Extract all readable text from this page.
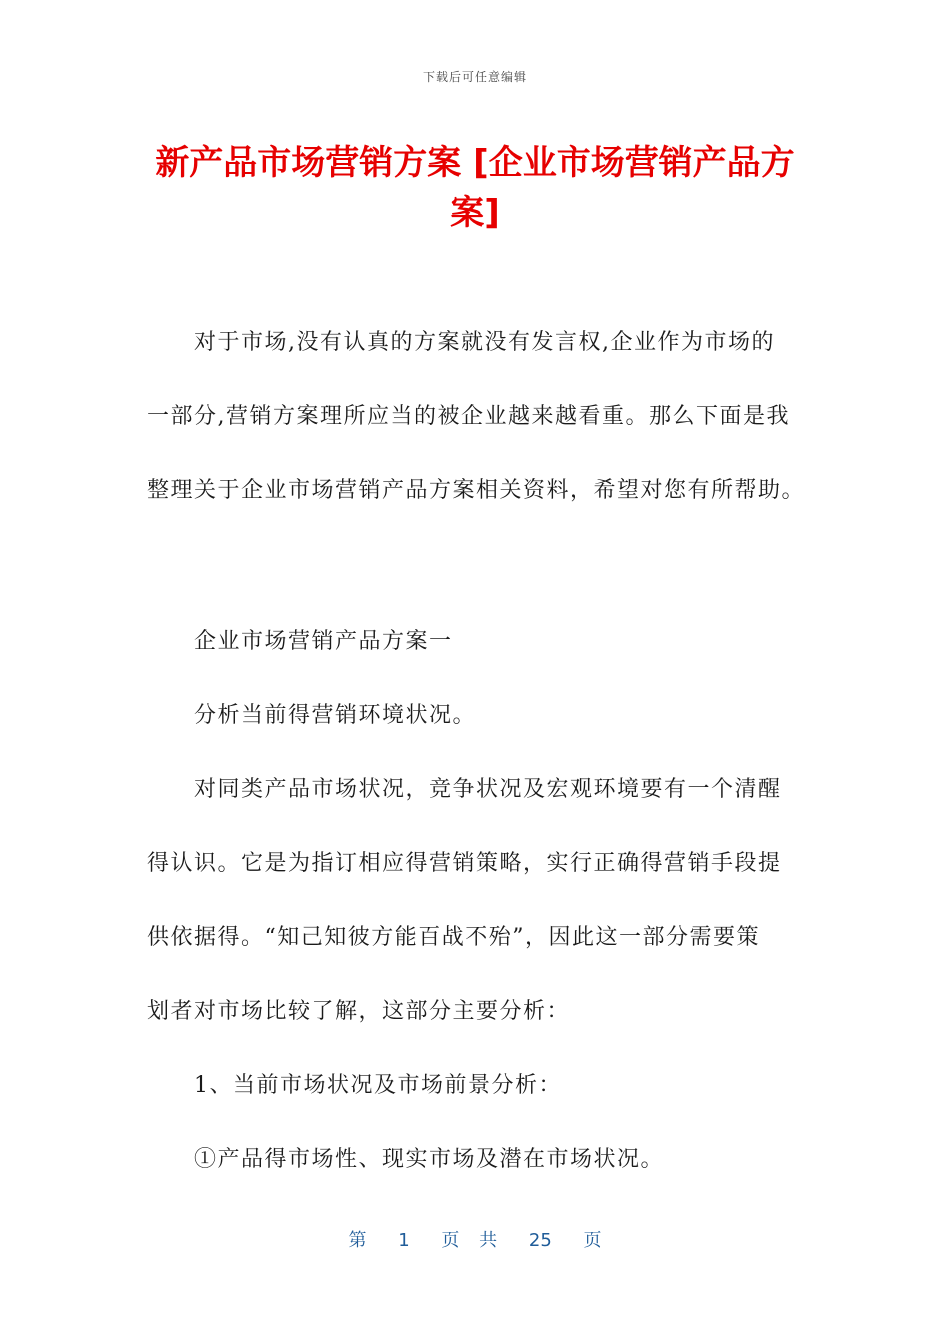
下载后可任意编辑
新产品市场营销方案 [企业市场营销产品方
案]

对于市场,没有认真的方案就没有发言权,企业作为市场的

一部分,营销方案理所应当的被企业越来越看重。那么下面是我

整理关于企业市场营销产品方案相关资料，希望对您有所帮助。

企业市场营销产品方案一

分析当前得营销环境状况。

对同类产品市场状况，竞争状况及宏观环境要有一个清醒

得认识。它是为指订相应得营销策略，实行正确得营销手段提

供依据得。“知己知彼方能百战不殆”，因此这一部分需要策

划者对市场比较了解，这部分主要分析：

1、当前市场状况及市场前景分析：

①产品得市场性、现实市场及潜在市场状况。

第 1 页 共 25 页
